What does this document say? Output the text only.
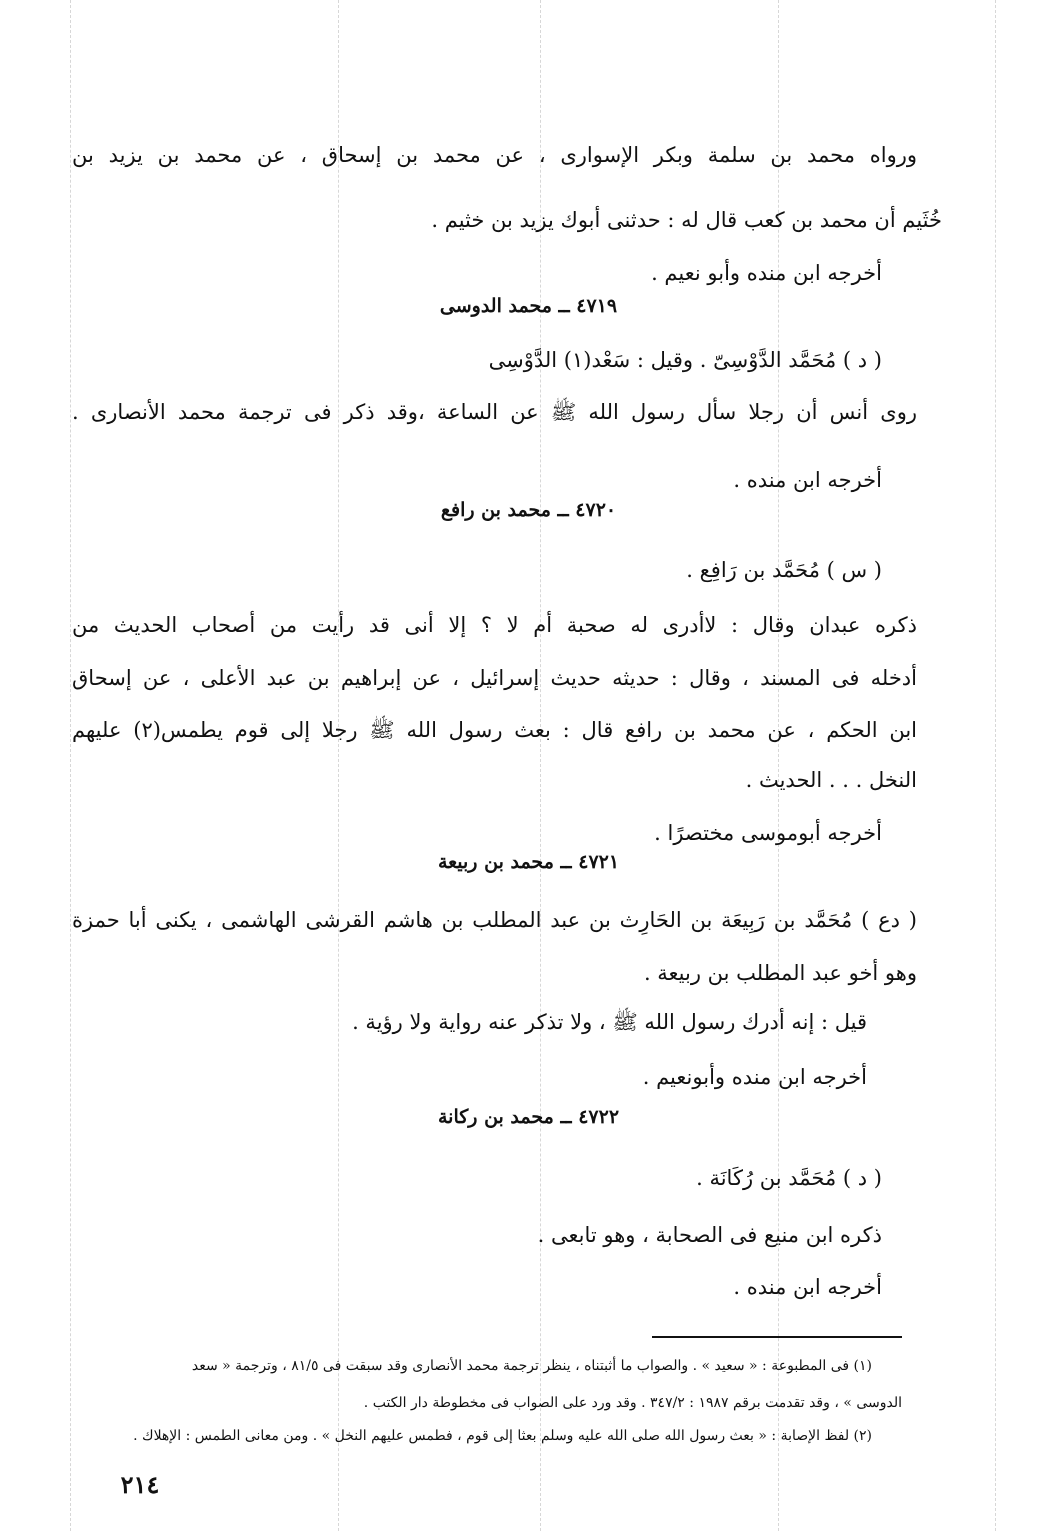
ورواه محمد بن سلمة وبكر الإسوارى ، عن محمد بن إسحاق ، عن محمد بن يزيد بن
خُثَيم أن محمد بن كعب قال له : حدثنى أبوك يزيد بن خثيم .
أخرجه ابن منده وأبو نعيم .
٤٧١٩ ــ محمد الدوسى
( د ) مُحَمَّد الدَّوْسِىّ . وقيل : سَعْد(١) الدَّوْسِى
روى أنس أن رجلا سأل رسول الله ﷺ عن الساعة ،وقد ذكر فى ترجمة محمد الأنصارى .
أخرجه ابن منده .
٤٧٢٠ ــ محمد بن رافع
( س ) مُحَمَّد بن رَافِع .
ذكره عبدان وقال : لاأدرى له صحبة أم لا ؟ إلا أنى قد رأيت من أصحاب الحديث من
أدخله فى المسند ، وقال : حديثه حديث إسرائيل ، عن إبراهيم بن عبد الأعلى ، عن إسحاق
ابن الحكم ، عن محمد بن رافع قال : بعث رسول الله ﷺ رجلا إلى قوم يطمس(٢) عليهم
النخل . . . الحديث .
أخرجه أبوموسى مختصرًا .
٤٧٢١ ــ محمد بن ربيعة
( دع ) مُحَمَّد بن رَبِيعَة بن الحَارِث بن عبد المطلب بن هاشم القرشى الهاشمى ، يكنى أبا حمزة
وهو أخو عبد المطلب بن ربيعة .
قيل : إنه أدرك رسول الله ﷺ ، ولا تذكر عنه رواية ولا رؤية .
أخرجه ابن منده وأبونعيم .
٤٧٢٢ ــ محمد بن ركانة
( د ) مُحَمَّد بن رُكَانَة .
ذكره ابن منيع فى الصحابة ، وهو تابعى .
أخرجه ابن منده .
(١) فى المطبوعة : « سعيد » . والصواب ما أثبتناه ، ينظر ترجمة محمد الأنصارى وقد سبقت فى ٨١/٥ ، وترجمة « سعد
الدوسى » ، وقد تقدمت برقم ١٩٨٧ : ٣٤٧/٢ . وقد ورد على الصواب فى مخطوطة دار الكتب .
(٢) لفظ الإصابة : « بعث رسول الله صلى الله عليه وسلم بعثا إلى قوم ، فطمس عليهم النخل » . ومن معانى الطمس : الإهلاك .
٢١٤
